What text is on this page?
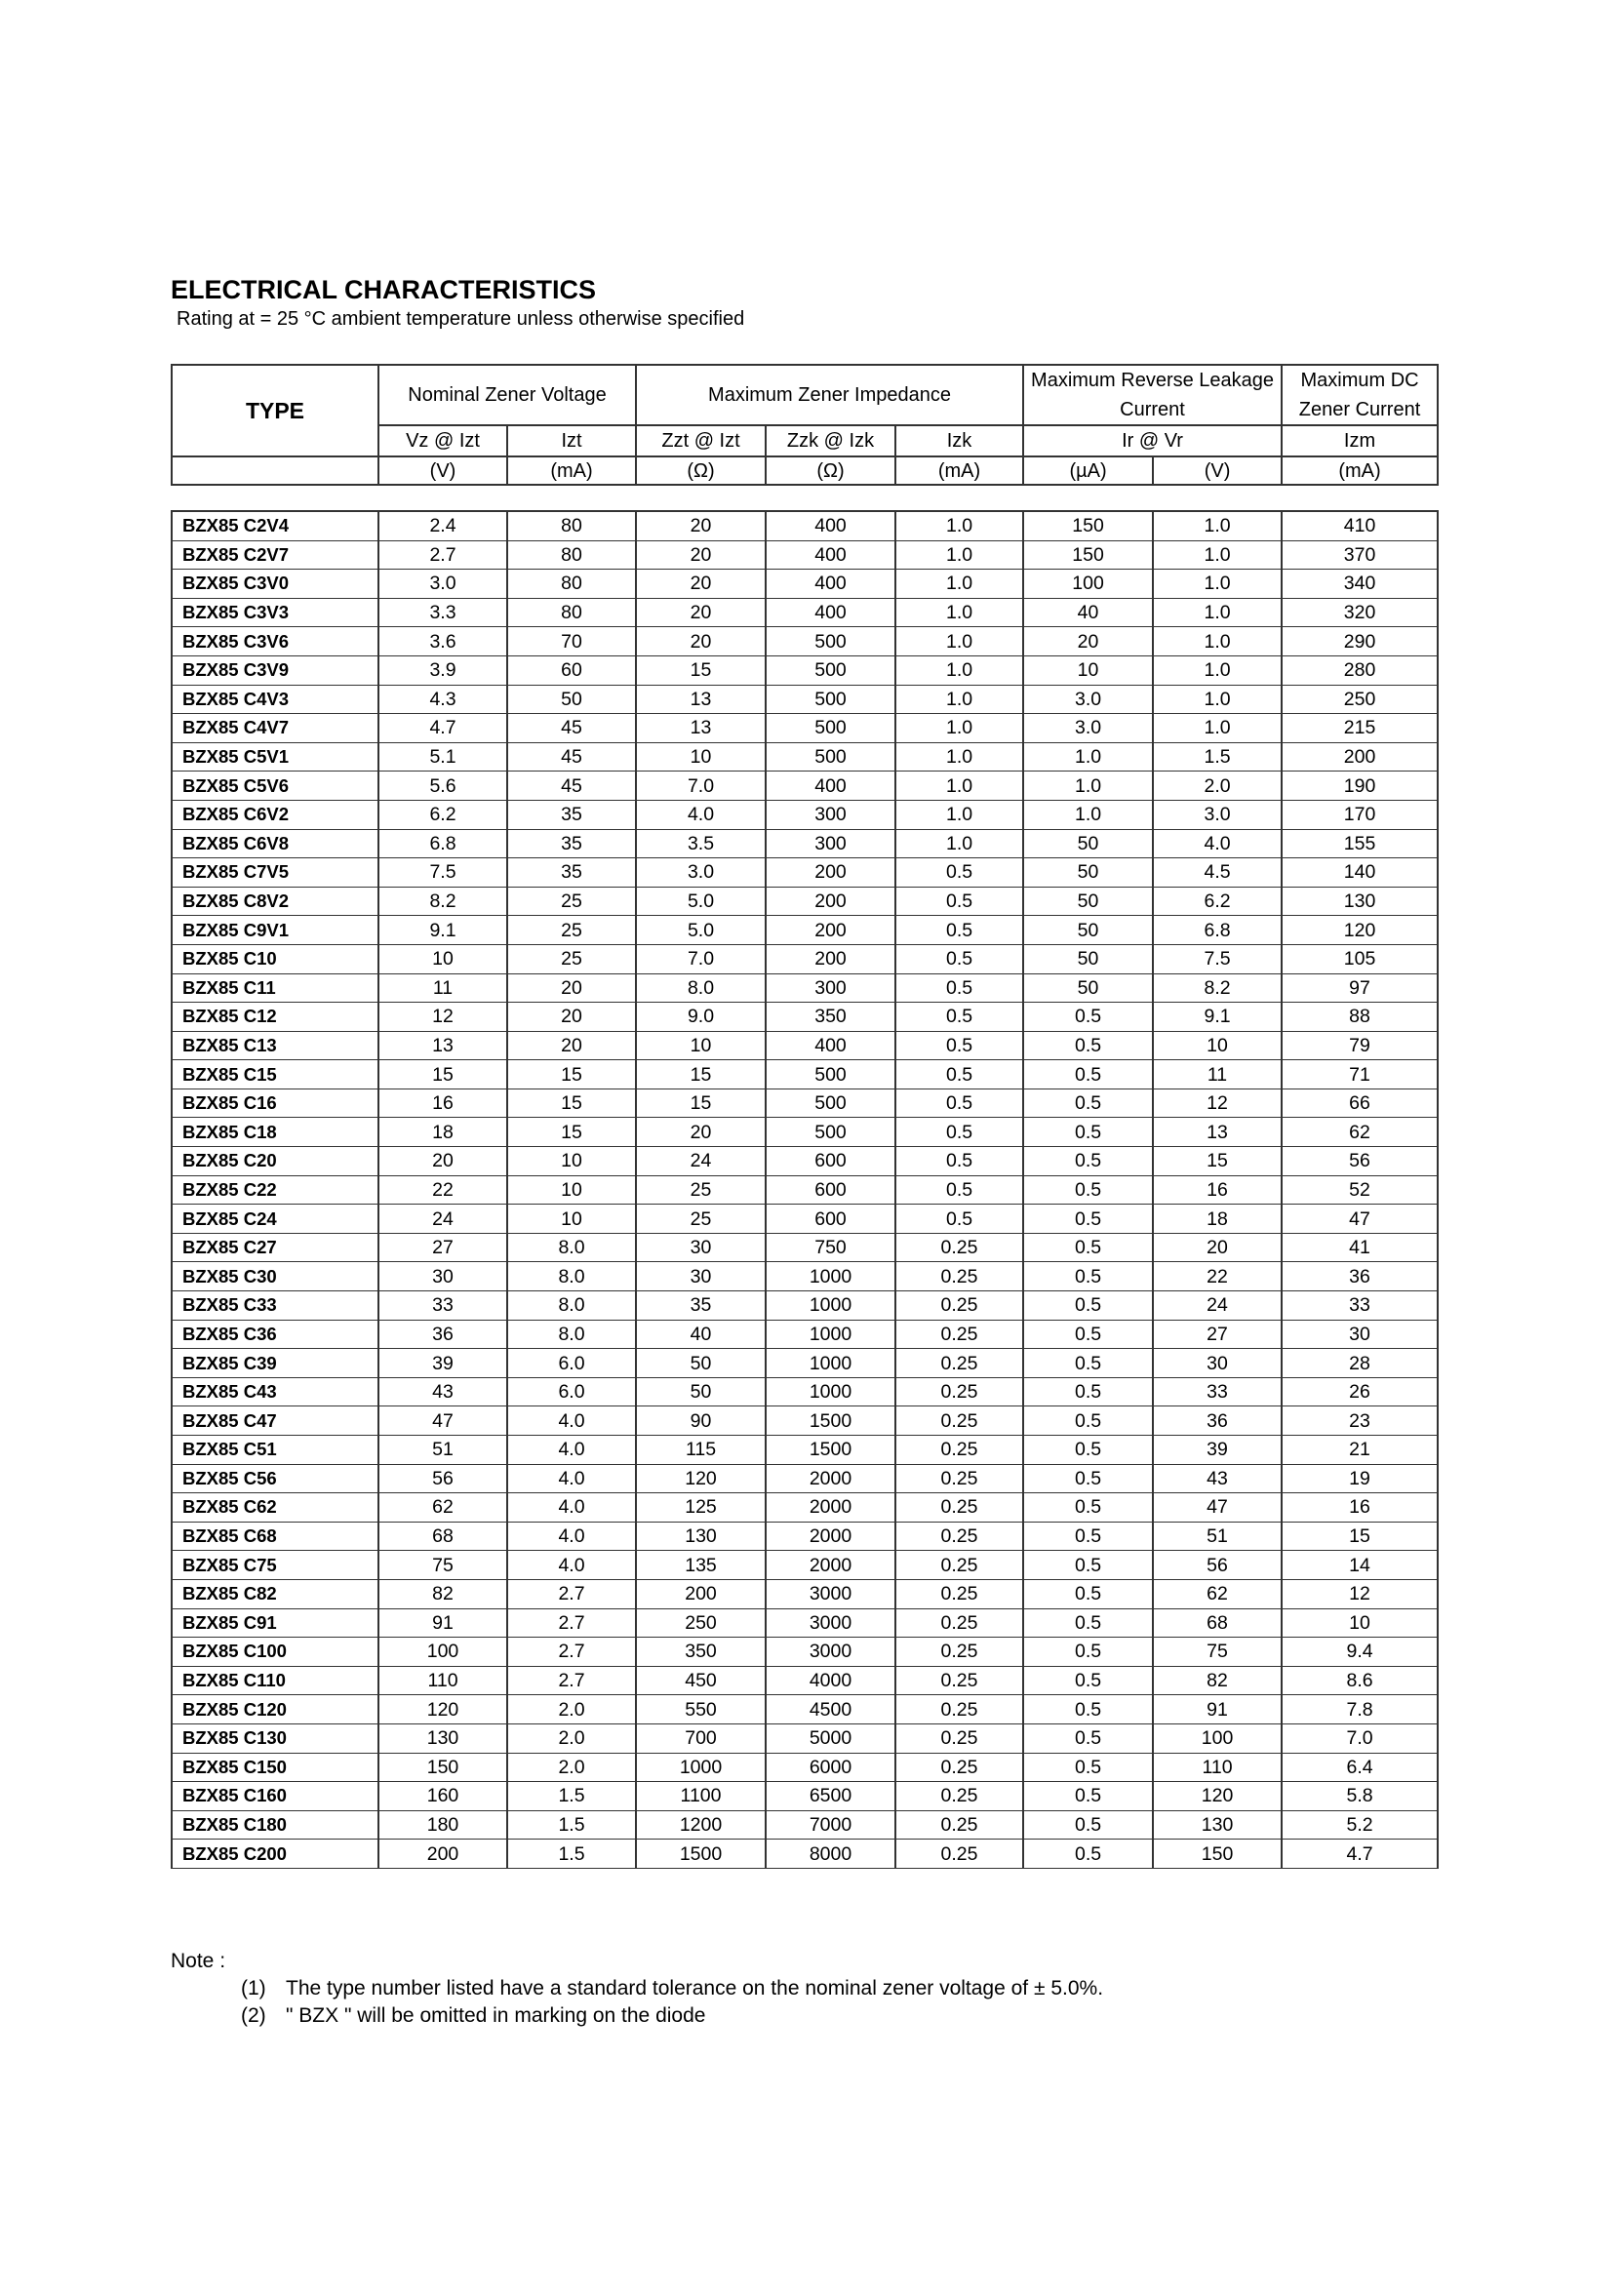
ELECTRICAL CHARACTERISTICS
Rating at = 25 °C ambient temperature unless otherwise specified
TYPE	Nominal Zener Voltage		Maximum Zener Impedance			Maximum Reverse Leakage Current		Maximum DC Zener Current
	Vz @ Izt	Izt	Zzt @ Izt	Zzk @ Izk	Izk	Ir @ Vr		Izm
	(V)	(mA)	(Ω)	(Ω)	(mA)	(µA)	(V)	(mA)

BZX85 C2V4	2.4	80	20	400	1.0	150	1.0	410
BZX85 C2V7	2.7	80	20	400	1.0	150	1.0	370
BZX85 C3V0	3.0	80	20	400	1.0	100	1.0	340
BZX85 C3V3	3.3	80	20	400	1.0	40	1.0	320
BZX85 C3V6	3.6	70	20	500	1.0	20	1.0	290
BZX85 C3V9	3.9	60	15	500	1.0	10	1.0	280
BZX85 C4V3	4.3	50	13	500	1.0	3.0	1.0	250
BZX85 C4V7	4.7	45	13	500	1.0	3.0	1.0	215
BZX85 C5V1	5.1	45	10	500	1.0	1.0	1.5	200
BZX85 C5V6	5.6	45	7.0	400	1.0	1.0	2.0	190
BZX85 C6V2	6.2	35	4.0	300	1.0	1.0	3.0	170
BZX85 C6V8	6.8	35	3.5	300	1.0	50	4.0	155
BZX85 C7V5	7.5	35	3.0	200	0.5	50	4.5	140
BZX85 C8V2	8.2	25	5.0	200	0.5	50	6.2	130
BZX85 C9V1	9.1	25	5.0	200	0.5	50	6.8	120
BZX85 C10	10	25	7.0	200	0.5	50	7.5	105
BZX85 C11	11	20	8.0	300	0.5	50	8.2	97
BZX85 C12	12	20	9.0	350	0.5	0.5	9.1	88
BZX85 C13	13	20	10	400	0.5	0.5	10	79
BZX85 C15	15	15	15	500	0.5	0.5	11	71
BZX85 C16	16	15	15	500	0.5	0.5	12	66
BZX85 C18	18	15	20	500	0.5	0.5	13	62
BZX85 C20	20	10	24	600	0.5	0.5	15	56
BZX85 C22	22	10	25	600	0.5	0.5	16	52
BZX85 C24	24	10	25	600	0.5	0.5	18	47
BZX85 C27	27	8.0	30	750	0.25	0.5	20	41
BZX85 C30	30	8.0	30	1000	0.25	0.5	22	36
BZX85 C33	33	8.0	35	1000	0.25	0.5	24	33
BZX85 C36	36	8.0	40	1000	0.25	0.5	27	30
BZX85 C39	39	6.0	50	1000	0.25	0.5	30	28
BZX85 C43	43	6.0	50	1000	0.25	0.5	33	26
BZX85 C47	47	4.0	90	1500	0.25	0.5	36	23
BZX85 C51	51	4.0	115	1500	0.25	0.5	39	21
BZX85 C56	56	4.0	120	2000	0.25	0.5	43	19
BZX85 C62	62	4.0	125	2000	0.25	0.5	47	16
BZX85 C68	68	4.0	130	2000	0.25	0.5	51	15
BZX85 C75	75	4.0	135	2000	0.25	0.5	56	14
BZX85 C82	82	2.7	200	3000	0.25	0.5	62	12
BZX85 C91	91	2.7	250	3000	0.25	0.5	68	10
BZX85 C100	100	2.7	350	3000	0.25	0.5	75	9.4
BZX85 C110	110	2.7	450	4000	0.25	0.5	82	8.6
BZX85 C120	120	2.0	550	4500	0.25	0.5	91	7.8
BZX85 C130	130	2.0	700	5000	0.25	0.5	100	7.0
BZX85 C150	150	2.0	1000	6000	0.25	0.5	110	6.4
BZX85 C160	160	1.5	1100	6500	0.25	0.5	120	5.8
BZX85 C180	180	1.5	1200	7000	0.25	0.5	130	5.2
BZX85 C200	200	1.5	1500	8000	0.25	0.5	150	4.7
Note :
(1) The type number listed have a standard tolerance on the nominal zener voltage of ± 5.0%.
(2) " BZX " will be omitted in marking on the diode
